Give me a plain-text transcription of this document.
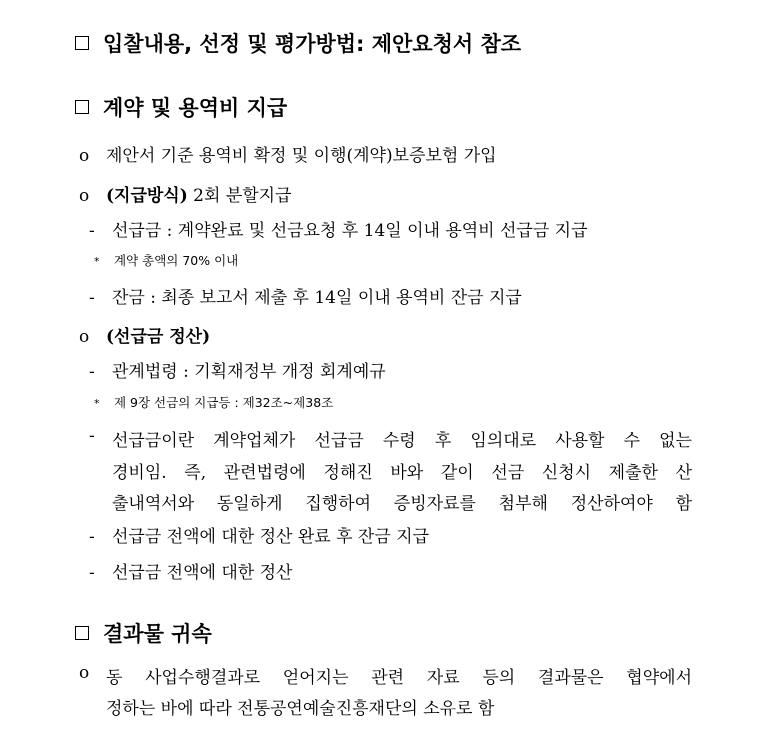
입찰내용, 선정 및 평가방법: 제안요청서 참조
계약 및 용역비 지급
o 제안서 기준 용역비 확정 및 이행(계약)보증보험 가입
o (지급방식) 2회 분할지급
- 선급금 : 계약완료 및 선금요청 후 14일 이내 용역비 선급금 지급
* 계약 총액의 70% 이내
- 잔금 : 최종 보고서 제출 후 14일 이내 용역비 잔금 지급
o (선급금 정산)
- 관계법령 : 기획재정부 개정 회계예규
* 제 9장 선금의 지급등 : 제32조~제38조
-	선급금이란 계약업체가 선급금 수령 후 임의대로 사용할 수 없는
경비임. 즉, 관련법령에 정해진 바와 같이 선금 신청시 제출한 산
출내역서와 동일하게 집행하여 증빙자료를 첨부해 정산하여야 함
- 선급금 전액에 대한 정산 완료 후 잔금 지급
- 선급금 전액에 대한 정산
결과물 귀속
o 동 사업수행결과로 얻어지는 관련 자료 등의 결과물은 협약에서
정하는 바에 따라 전통공연예술진흥재단의 소유로 함
